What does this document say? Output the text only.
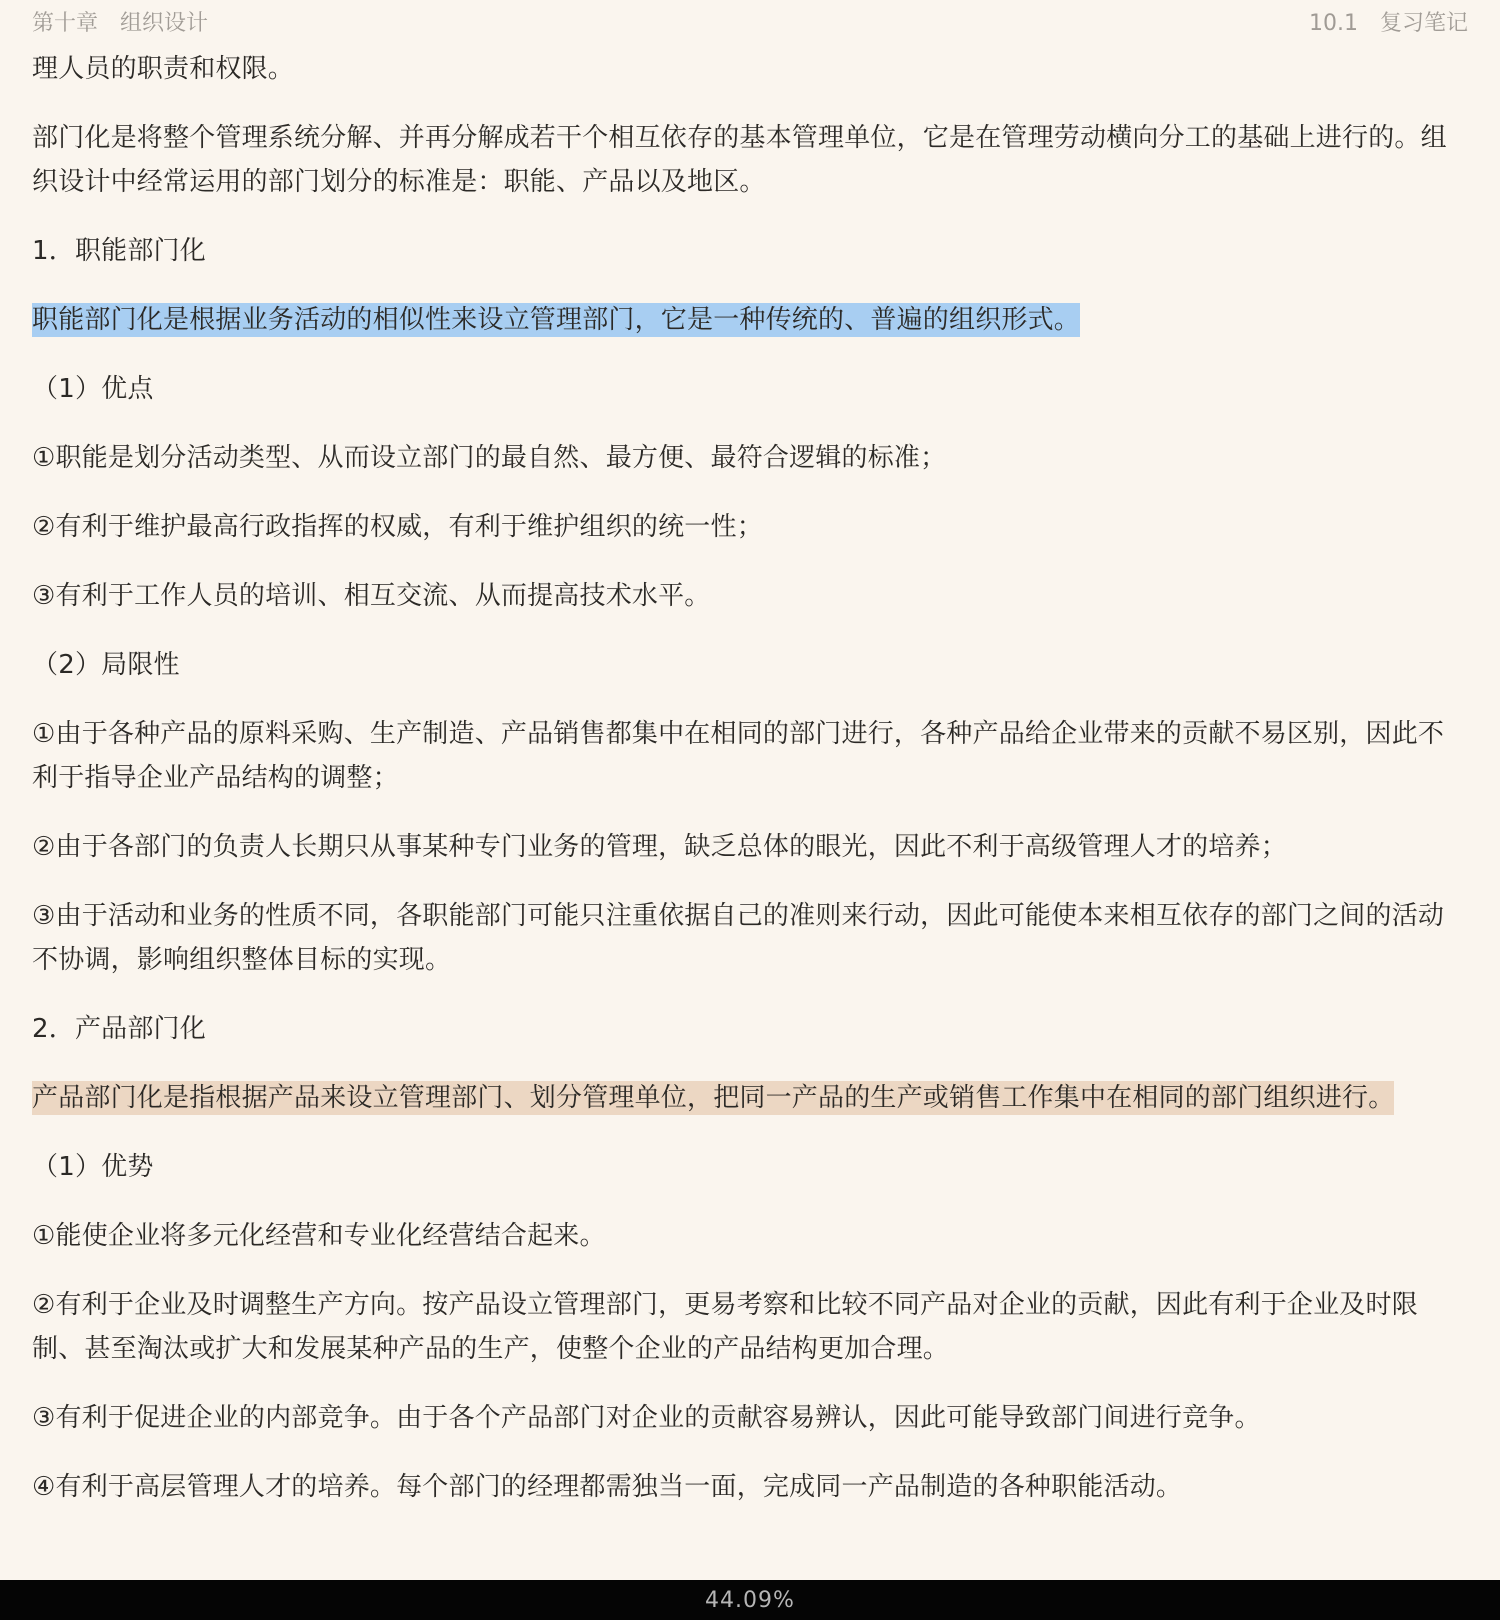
第十章 组织设计	10.1 复习笔记

理人员的职责和权限。

部门化是将整个管理系统分解、并再分解成若干个相互依存的基本管理单位，它是在管理劳动横向分工的基础上进行的。组织设计中经常运用的部门划分的标准是：职能、产品以及地区。

1．职能部门化

职能部门化是根据业务活动的相似性来设立管理部门，它是一种传统的、普遍的组织形式。

（1）优点

①职能是划分活动类型、从而设立部门的最自然、最方便、最符合逻辑的标准；

②有利于维护最高行政指挥的权威，有利于维护组织的统一性；

③有利于工作人员的培训、相互交流、从而提高技术水平。

（2）局限性

①由于各种产品的原料采购、生产制造、产品销售都集中在相同的部门进行，各种产品给企业带来的贡献不易区别，因此不利于指导企业产品结构的调整；

②由于各部门的负责人长期只从事某种专门业务的管理，缺乏总体的眼光，因此不利于高级管理人才的培养；

③由于活动和业务的性质不同，各职能部门可能只注重依据自己的准则来行动，因此可能使本来相互依存的部门之间的活动不协调，影响组织整体目标的实现。

2．产品部门化

产品部门化是指根据产品来设立管理部门、划分管理单位，把同一产品的生产或销售工作集中在相同的部门组织进行。

（1）优势

①能使企业将多元化经营和专业化经营结合起来。

②有利于企业及时调整生产方向。按产品设立管理部门，更易考察和比较不同产品对企业的贡献，因此有利于企业及时限制、甚至淘汰或扩大和发展某种产品的生产，使整个企业的产品结构更加合理。

③有利于促进企业的内部竞争。由于各个产品部门对企业的贡献容易辨认，因此可能导致部门间进行竞争。

④有利于高层管理人才的培养。每个部门的经理都需独当一面，完成同一产品制造的各种职能活动。

44.09%
